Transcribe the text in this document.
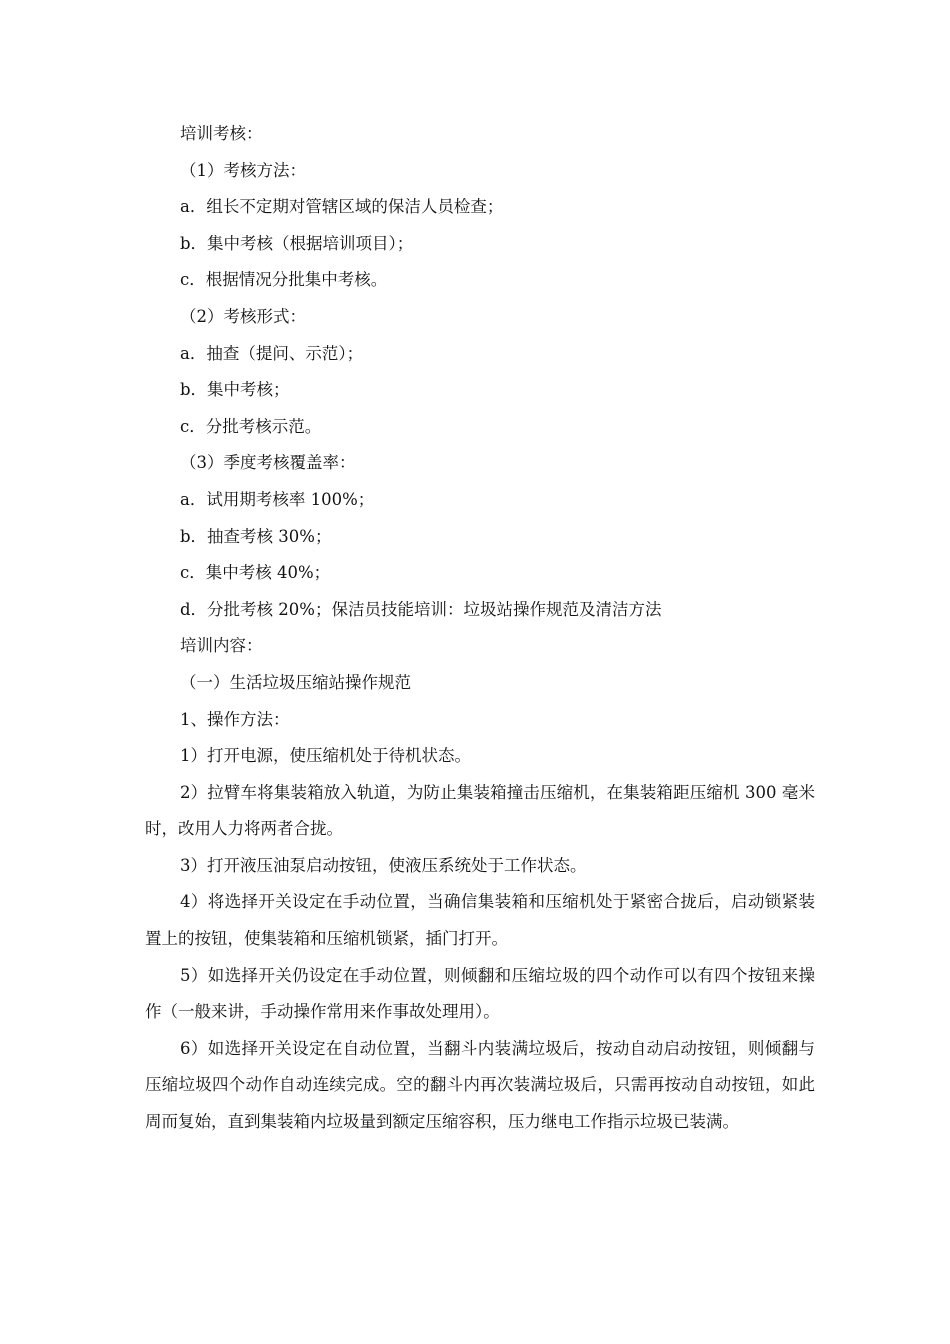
培训考核：

（1）考核方法：

a．组长不定期对管辖区域的保洁人员检查；

b．集中考核（根据培训项目）；

c．根据情况分批集中考核。

（2）考核形式：

a．抽查（提问、示范）；

b．集中考核；

c．分批考核示范。

（3）季度考核覆盖率：

a．试用期考核率 100%；

b．抽查考核 30%；

c．集中考核 40%；

d．分批考核 20%；保洁员技能培训：垃圾站操作规范及清洁方法

培训内容：

（一）生活垃圾压缩站操作规范

1、操作方法：

1）打开电源，使压缩机处于待机状态。

2）拉臂车将集装箱放入轨道，为防止集装箱撞击压缩机，在集装箱距压缩机 300 毫米时，改用人力将两者合拢。

3）打开液压油泵启动按钮，使液压系统处于工作状态。

4）将选择开关设定在手动位置，当确信集装箱和压缩机处于紧密合拢后，启动锁紧装置上的按钮，使集装箱和压缩机锁紧，插门打开。

5）如选择开关仍设定在手动位置，则倾翻和压缩垃圾的四个动作可以有四个按钮来操作（一般来讲，手动操作常用来作事故处理用）。

6）如选择开关设定在自动位置，当翻斗内装满垃圾后，按动自动启动按钮，则倾翻与压缩垃圾四个动作自动连续完成。空的翻斗内再次装满垃圾后，只需再按动自动按钮，如此周而复始，直到集装箱内垃圾量到额定压缩容积，压力继电工作指示垃圾已装满。
